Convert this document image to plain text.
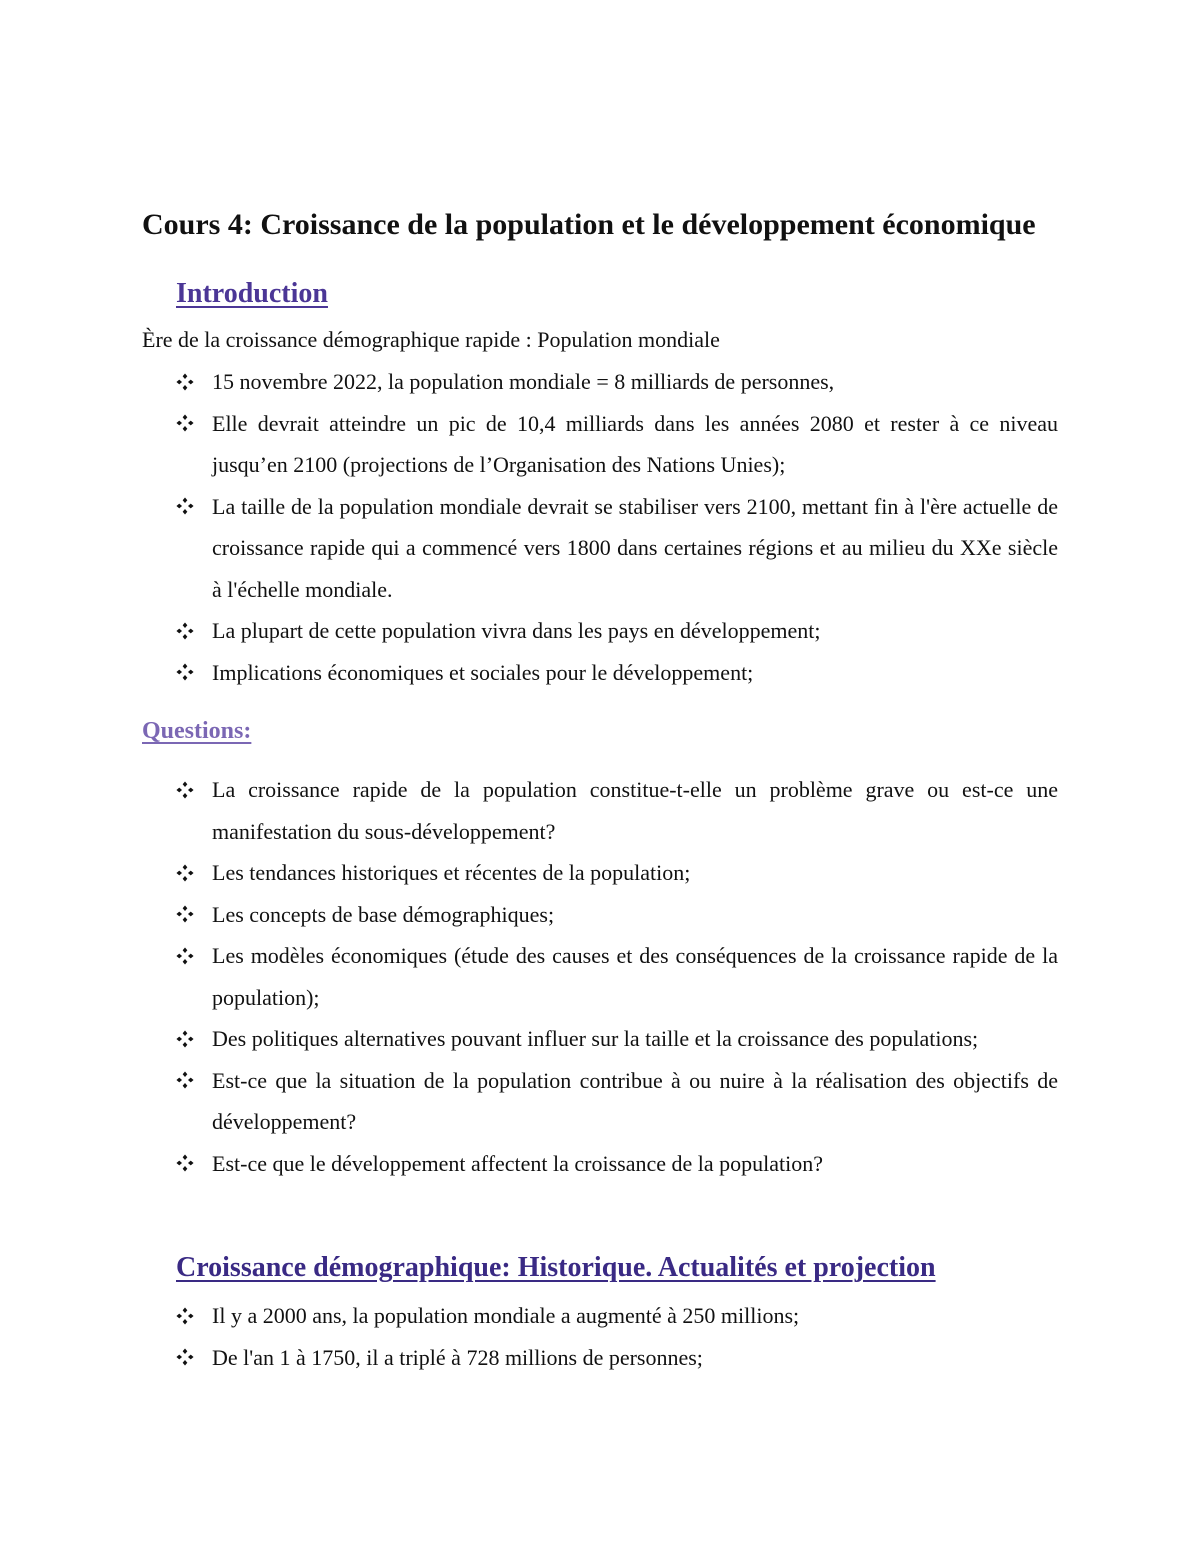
Cours 4: Croissance de la population et le développement économique
Introduction

Ère de la croissance démographique rapide : Population mondiale

15 novembre 2022, la population mondiale = 8 milliards de personnes,
Elle devrait atteindre un pic de 10,4 milliards dans les années 2080 et rester à ce niveau jusqu’en 2100 (projections de l’Organisation des Nations Unies);
La taille de la population mondiale devrait se stabiliser vers 2100, mettant fin à l'ère actuelle de croissance rapide qui a commencé vers 1800 dans certaines régions et au milieu du XXe siècle à l'échelle mondiale.
La plupart de cette population vivra dans les pays en développement;
Implications économiques et sociales pour le développement;
Questions:
La croissance rapide de la population constitue-t-elle un problème grave ou est-ce une manifestation du sous-développement?
Les tendances historiques et récentes de la population;
Les concepts de base démographiques;
Les modèles économiques (étude des causes et des conséquences de la croissance rapide de la population);
Des politiques alternatives pouvant influer sur la taille et la croissance des populations;
Est-ce que la situation de la population contribue à ou nuire à la réalisation des objectifs de développement?
Est-ce que le développement affectent la croissance de la population?
Croissance démographique: Historique. Actualités et projection
Il y a 2000 ans, la population mondiale a augmenté à 250 millions;
De l'an 1 à 1750, il a triplé à 728 millions de personnes;
